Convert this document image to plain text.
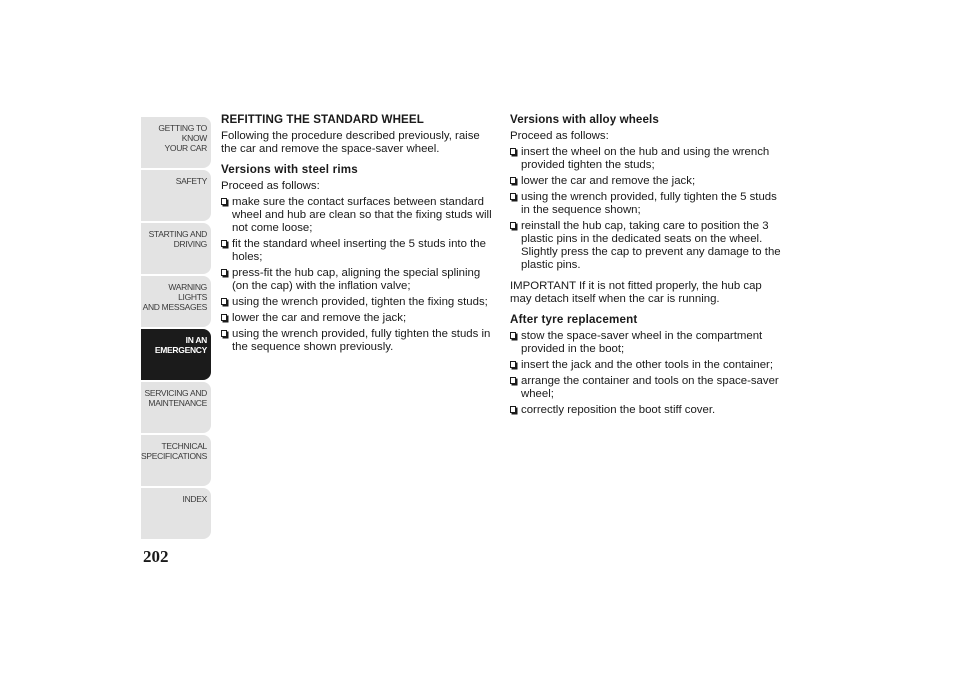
GETTING TO KNOW
YOUR CAR
SAFETY
STARTING AND
DRIVING
WARNING LIGHTS
AND MESSAGES
IN AN
EMERGENCY
SERVICING AND
MAINTENANCE
TECHNICAL
SPECIFICATIONS
INDEX
202
REFITTING THE STANDARD WHEEL
Following the procedure described previously, raise the car and remove the space-saver wheel.
Versions with steel rims
Proceed as follows:
make sure the contact surfaces between standard wheel and hub are clean so that the fixing studs will not come loose;
fit the standard wheel inserting the 5 studs into the holes;
press-fit the hub cap, aligning the special splining (on the cap) with the inflation valve;
using the wrench provided, tighten the fixing studs;
lower the car and remove the jack;
using the wrench provided, fully tighten the studs in the sequence shown previously.
Versions with alloy wheels
Proceed as follows:
insert the wheel on the hub and using the wrench provided tighten the studs;
lower the car and remove the jack;
using the wrench provided, fully tighten the 5 studs in the sequence shown;
reinstall the hub cap, taking care to position the 3 plastic pins in the dedicated seats on the wheel. Slightly press the cap to prevent any damage to the plastic pins.
IMPORTANT If it is not fitted properly, the hub cap may detach itself when the car is running.
After tyre replacement
stow the space-saver wheel in the compartment provided in the boot;
insert the jack and the other tools in the container;
arrange the container and tools on the space-saver wheel;
correctly reposition the boot stiff cover.
